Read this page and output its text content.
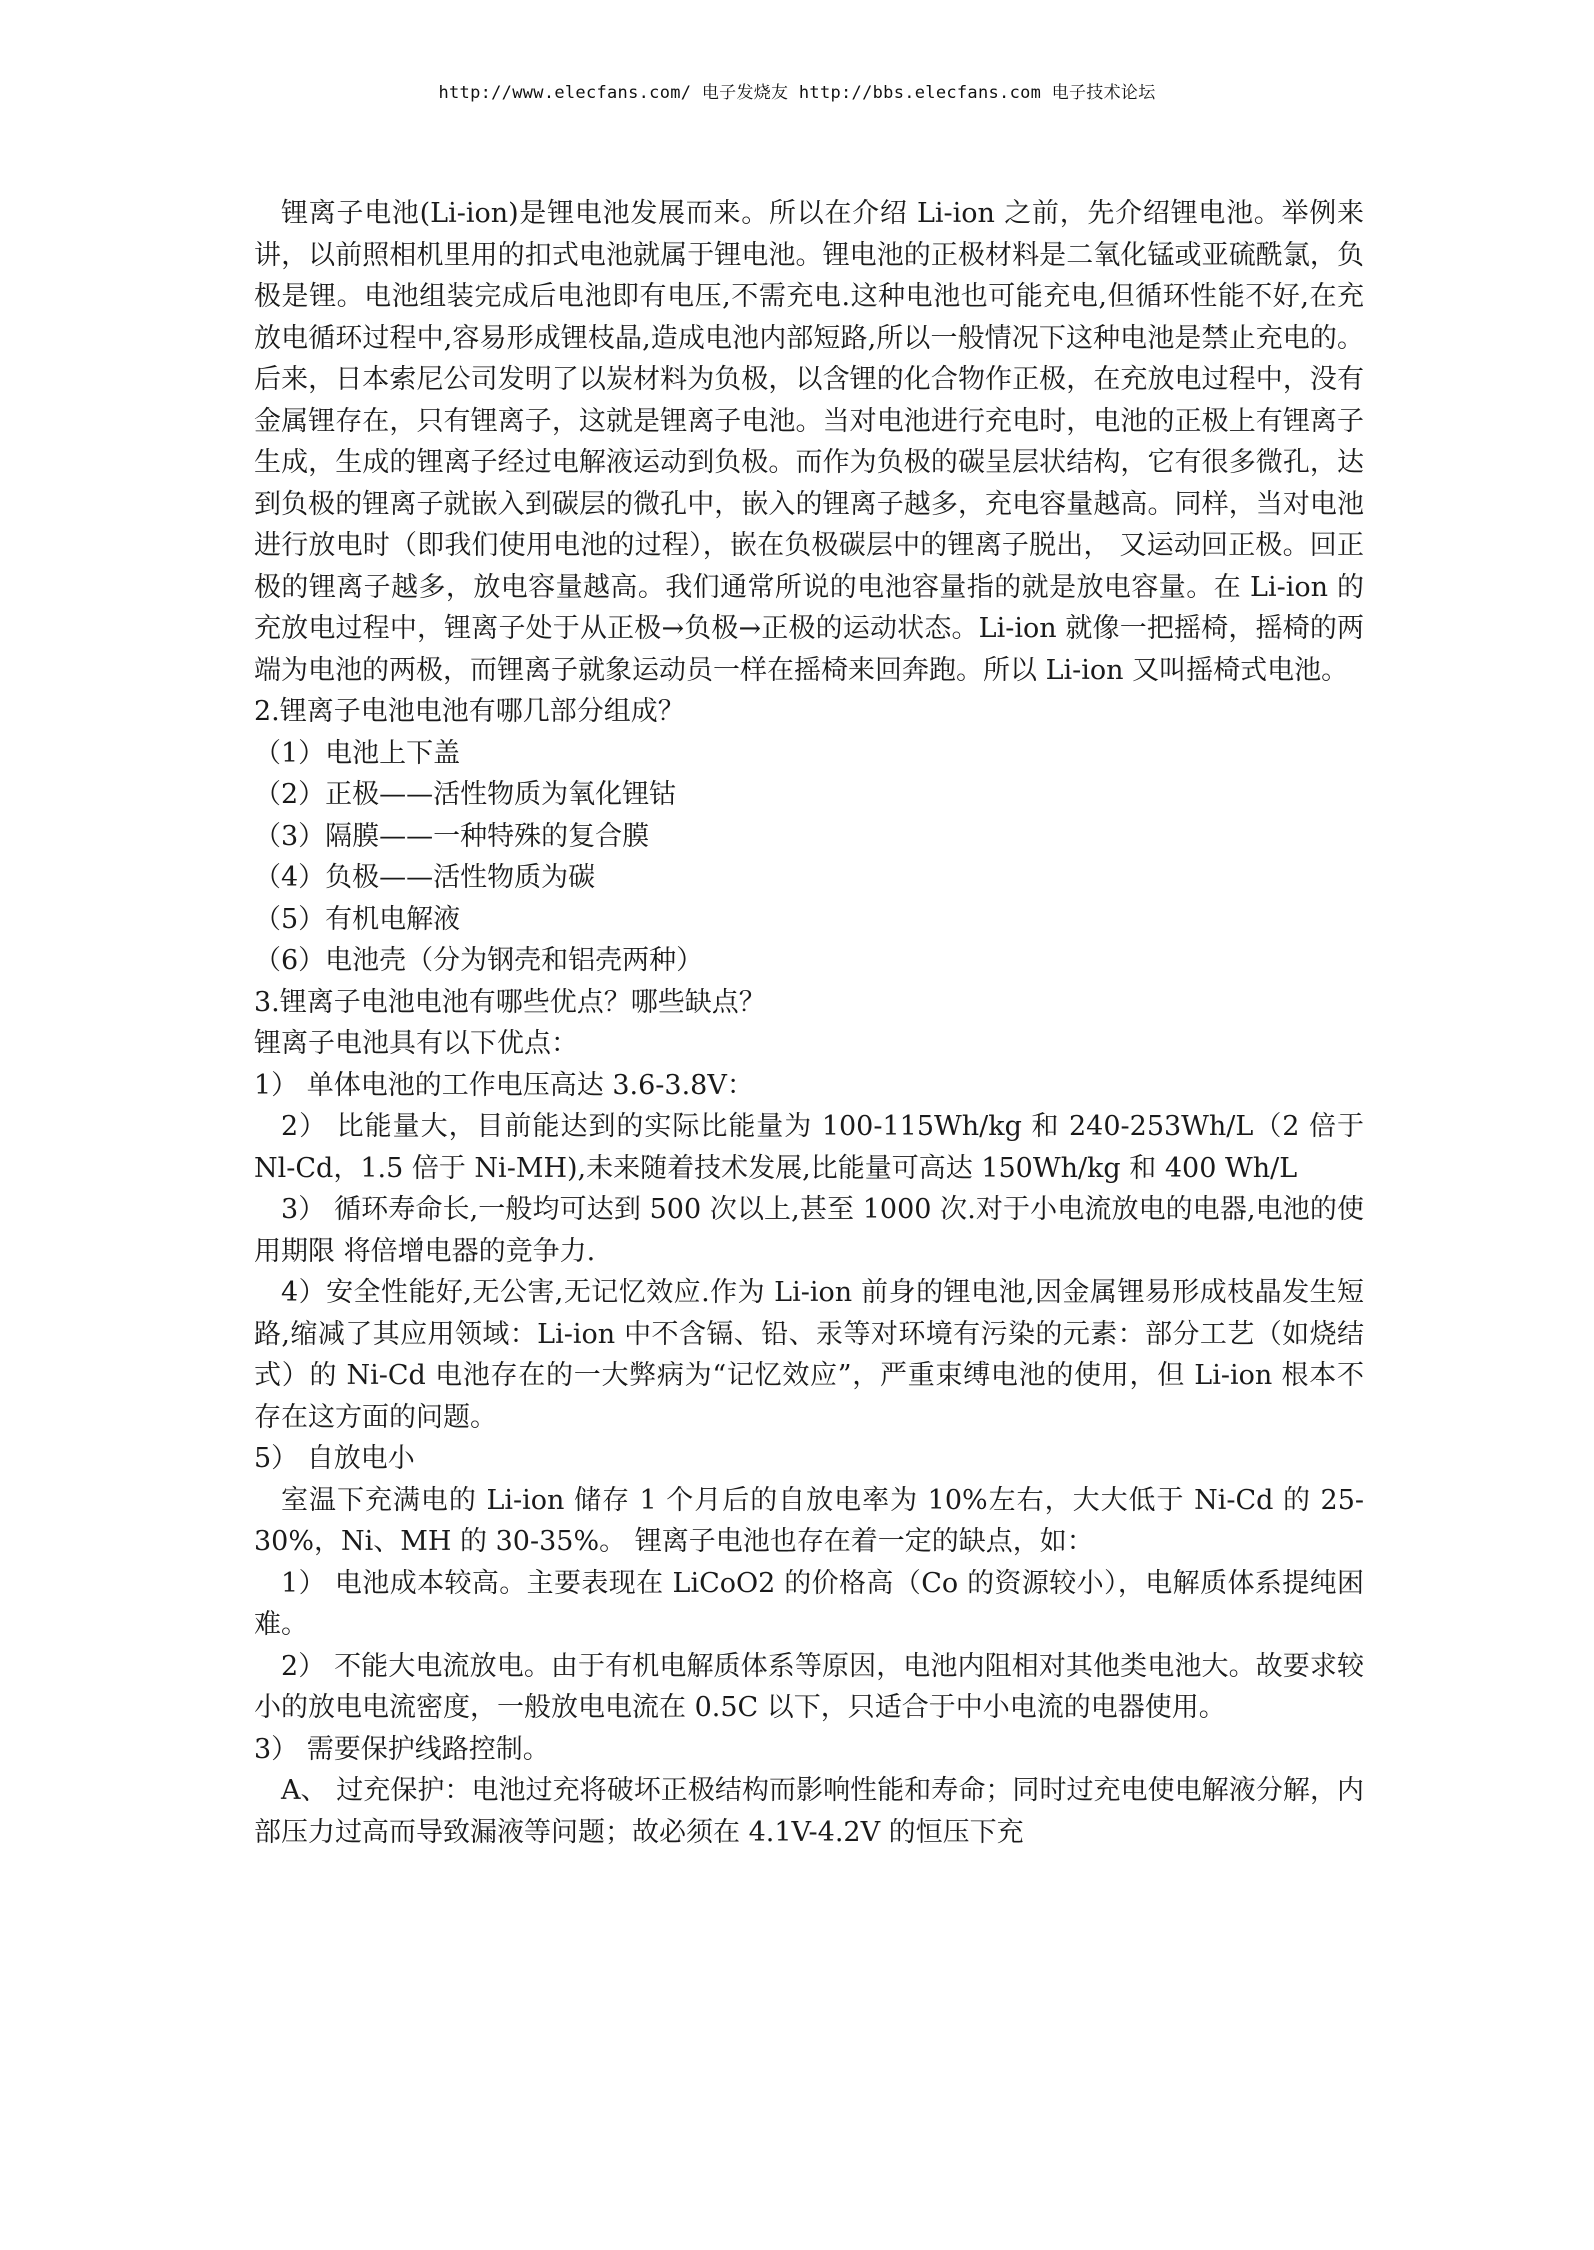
http://www.elecfans.com/ 电子发烧友 http://bbs.elecfans.com 电子技术论坛

锂离子电池(Li-ion)是锂电池发展而来。所以在介绍 Li-ion 之前，先介绍锂电池。举例来讲，以前照相机里用的扣式电池就属于锂电池。锂电池的正极材料是二氧化锰或亚硫酰氯，负极是锂。电池组装完成后电池即有电压,不需充电.这种电池也可能充电,但循环性能不好,在充放电循环过程中,容易形成锂枝晶,造成电池内部短路,所以一般情况下这种电池是禁止充电的。后来，日本索尼公司发明了以炭材料为负极，以含锂的化合物作正极，在充放电过程中，没有金属锂存在，只有锂离子，这就是锂离子电池。当对电池进行充电时，电池的正极上有锂离子生成，生成的锂离子经过电解液运动到负极。而作为负极的碳呈层状结构，它有很多微孔，达到负极的锂离子就嵌入到碳层的微孔中，嵌入的锂离子越多，充电容量越高。同样，当对电池进行放电时（即我们使用电池的过程），嵌在负极碳层中的锂离子脱出， 又运动回正极。回正极的锂离子越多，放电容量越高。我们通常所说的电池容量指的就是放电容量。在 Li-ion 的充放电过程中，锂离子处于从正极→负极→正极的运动状态。Li-ion 就像一把摇椅，摇椅的两端为电池的两极，而锂离子就象运动员一样在摇椅来回奔跑。所以 Li-ion 又叫摇椅式电池。

2.锂离子电池电池有哪几部分组成？

（1）电池上下盖

（2）正极——活性物质为氧化锂钴

（3）隔膜——一种特殊的复合膜

（4）负极——活性物质为碳

（5）有机电解液

（6）电池壳（分为钢壳和铝壳两种）

3.锂离子电池电池有哪些优点？哪些缺点？

锂离子电池具有以下优点：

1） 单体电池的工作电压高达 3.6-3.8V：

2） 比能量大，目前能达到的实际比能量为 100-115Wh/kg 和 240-253Wh/L（2 倍于 Nl-Cd，1.5 倍于 Ni-MH),未来随着技术发展,比能量可高达 150Wh/kg 和 400 Wh/L

3） 循环寿命长,一般均可达到 500 次以上,甚至 1000 次.对于小电流放电的电器,电池的使用期限 将倍增电器的竞争力.

4）安全性能好,无公害,无记忆效应.作为 Li-ion 前身的锂电池,因金属锂易形成枝晶发生短路,缩减了其应用领域：Li-ion 中不含镉、铅、汞等对环境有污染的元素：部分工艺（如烧结式）的 Ni-Cd 电池存在的一大弊病为“记忆效应”，严重束缚电池的使用，但 Li-ion 根本不存在这方面的问题。

5） 自放电小

室温下充满电的 Li-ion 储存 1 个月后的自放电率为 10%左右，大大低于 Ni-Cd 的 25-30%，Ni、MH 的 30-35%。 锂离子电池也存在着一定的缺点，如：

1） 电池成本较高。主要表现在 LiCoO2 的价格高（Co 的资源较小），电解质体系提纯困难。

2） 不能大电流放电。由于有机电解质体系等原因，电池内阻相对其他类电池大。故要求较小的放电电流密度，一般放电电流在 0.5C 以下，只适合于中小电流的电器使用。

3） 需要保护线路控制。

A、 过充保护：电池过充将破坏正极结构而影响性能和寿命；同时过充电使电解液分解，内部压力过高而导致漏液等问题；故必须在 4.1V-4.2V 的恒压下充
